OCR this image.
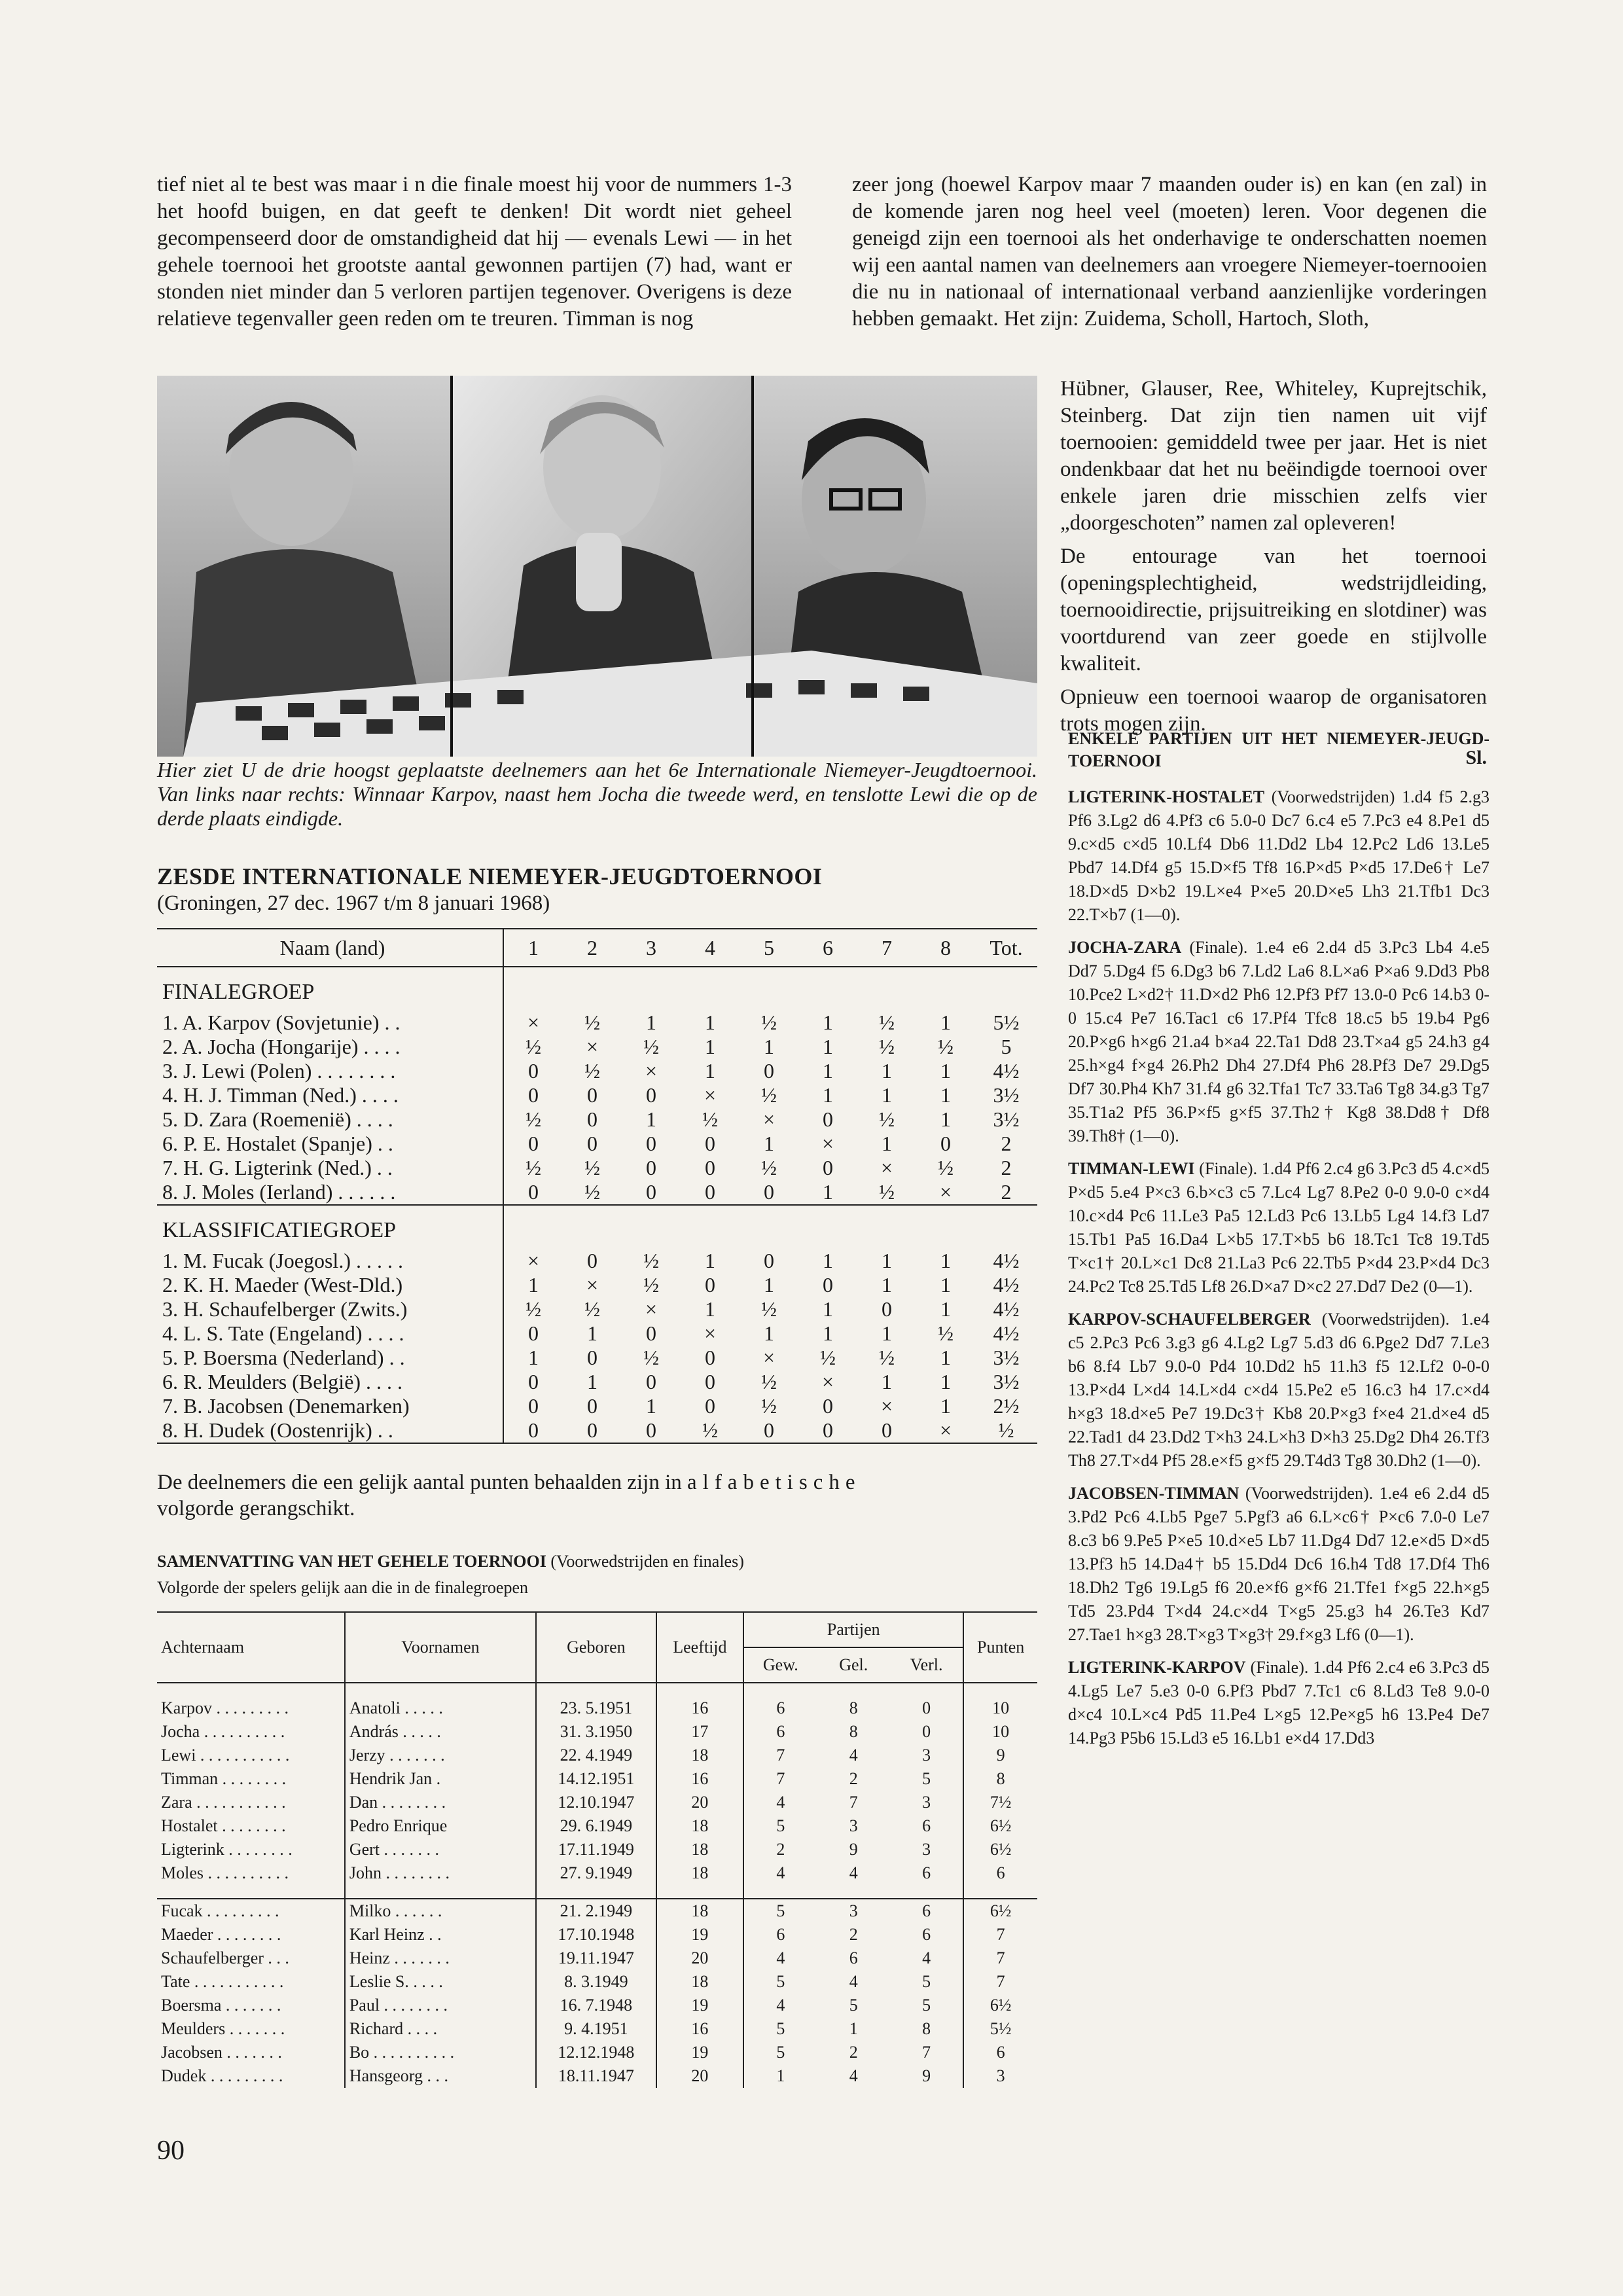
tief niet al te best was maar i n die finale moest hij voor de nummers 1-3 het hoofd buigen, en dat geeft te denken! Dit wordt niet geheel gecompenseerd door de omstandigheid dat hij — evenals Lewi — in het gehele toernooi het grootste aantal gewonnen partijen (7) had, want er stonden niet minder dan 5 verloren partijen tegenover. Overigens is deze relatieve tegenvaller geen reden om te treuren. Timman is nog

zeer jong (hoewel Karpov maar 7 maanden ouder is) en kan (en zal) in de komende jaren nog heel veel (moeten) leren. Voor degenen die geneigd zijn een toernooi als het onderhavige te onderschatten noemen wij een aantal namen van deelnemers aan vroegere Niemeyer-toernooien die nu in nationaal of internationaal verband aanzienlijke vorderingen hebben gemaakt. Het zijn: Zuidema, Scholl, Hartoch, Sloth,

Hübner, Glauser, Ree, Whiteley, Kuprejtschik, Steinberg. Dat zijn tien namen uit vijf toernooien: gemiddeld twee per jaar. Het is niet ondenkbaar dat het nu beëindigde toernooi over enkele jaren drie misschien zelfs vier „doorgeschoten” namen zal opleveren!

De entourage van het toernooi (openingsplechtigheid, wedstrijdleiding, toernooidirectie, prijsuitreiking en slotdiner) was voortdurend van zeer goede en stijlvolle kwaliteit.

Opnieuw een toernooi waarop de organisatoren trots mogen zijn.

Sl.
Hier ziet U de drie hoogst geplaatste deelnemers aan het 6e Internationale Niemeyer-Jeugdtoernooi. Van links naar rechts: Winnaar Karpov, naast hem Jocha die tweede werd, en tenslotte Lewi die op de derde plaats eindigde.
ZESDE INTERNATIONALE NIEMEYER-JEUGDTOERNOOI
(Groningen, 27 dec. 1967 t/m 8 januari 1968)
Naam (land)	1	2	3	4	5	6	7	8	Tot.
FINALEGROEP									
1. A. Karpov (Sovjetunie) . .	×	½	1	1	½	1	½	1	5½
2. A. Jocha (Hongarije) . . . .	½	×	½	1	1	1	½	½	5
3. J. Lewi (Polen) . . . . . . . .	0	½	×	1	0	1	1	1	4½
4. H. J. Timman (Ned.) . . . .	0	0	0	×	½	1	1	1	3½
5. D. Zara (Roemenië) . . . .	½	0	1	½	×	0	½	1	3½
6. P. E. Hostalet (Spanje) . .	0	0	0	0	1	×	1	0	2
7. H. G. Ligterink (Ned.) . .	½	½	0	0	½	0	×	½	2
8. J. Moles (Ierland) . . . . . .	0	½	0	0	0	1	½	×	2
KLASSIFICATIEGROEP									
1. M. Fucak (Joegosl.) . . . . .	×	0	½	1	0	1	1	1	4½
2. K. H. Maeder (West-Dld.)	1	×	½	0	1	0	1	1	4½
3. H. Schaufelberger (Zwits.)	½	½	×	1	½	1	0	1	4½
4. L. S. Tate (Engeland) . . . .	0	1	0	×	1	1	1	½	4½
5. P. Boersma (Nederland) . .	1	0	½	0	×	½	½	1	3½
6. R. Meulders (België) . . . .	0	1	0	0	½	×	1	1	3½
7. B. Jacobsen (Denemarken)	0	0	1	0	½	0	×	1	2½
8. H. Dudek (Oostenrijk) . .	0	0	0	½	0	0	0	×	½
De deelnemers die een gelijk aantal punten behaalden zijn in alfabetische
volgorde gerangschikt.
SAMENVATTING VAN HET GEHELE TOERNOOI (Voorwedstrijden en finales)
Volgorde der spelers gelijk aan die in de finalegroepen
Achternaam	Voornamen	Geboren	Leeftijd	Partijen			Punten
				Gew.	Gel.	Verl.	

Karpov . . . . . . . . .	Anatoli . . . . .	23. 5.1951	16	6	8	0	10
Jocha . . . . . . . . . .	András . . . . .	31. 3.1950	17	6	8	0	10
Lewi . . . . . . . . . . .	Jerzy . . . . . . .	22. 4.1949	18	7	4	3	9
Timman . . . . . . . .	Hendrik Jan .	14.12.1951	16	7	2	5	8
Zara . . . . . . . . . . .	Dan . . . . . . . .	12.10.1947	20	4	7	3	7½
Hostalet . . . . . . . .	Pedro Enrique	29. 6.1949	18	5	3	6	6½
Ligterink . . . . . . . .	Gert . . . . . . .	17.11.1949	18	2	9	3	6½
Moles . . . . . . . . . .	John . . . . . . . .	27. 9.1949	18	4	4	6	6

Fucak . . . . . . . . .	Milko . . . . . .	21. 2.1949	18	5	3	6	6½
Maeder . . . . . . . .	Karl Heinz . .	17.10.1948	19	6	2	6	7
Schaufelberger . . .	Heinz . . . . . . .	19.11.1947	20	4	6	4	7
Tate . . . . . . . . . . .	Leslie S. . . . .	8. 3.1949	18	5	4	5	7
Boersma . . . . . . .	Paul . . . . . . . .	16. 7.1948	19	4	5	5	6½
Meulders . . . . . . .	Richard . . . .	9. 4.1951	16	5	1	8	5½
Jacobsen . . . . . . .	Bo . . . . . . . . . .	12.12.1948	19	5	2	7	6
Dudek . . . . . . . . .	Hansgeorg . . .	18.11.1947	20	1	4	9	3
ENKELE PARTIJEN UIT HET NIEMEYER-JEUGD-TOERNOOI

LIGTERINK-HOSTALET (Voorwedstrijden) 1.d4 f5 2.g3 Pf6 3.Lg2 d6 4.Pf3 c6 5.0-0 Dc7 6.c4 e5 7.Pc3 e4 8.Pe1 d5 9.c×d5 c×d5 10.Lf4 Db6 11.Dd2 Lb4 12.Pc2 Ld6 13.Le5 Pbd7 14.Df4 g5 15.D×f5 Tf8 16.P×d5 P×d5 17.De6† Le7 18.D×d5 D×b2 19.L×e4 P×e5 20.D×e5 Lh3 21.Tfb1 Dc3 22.T×b7 (1—0).

JOCHA-ZARA (Finale). 1.e4 e6 2.d4 d5 3.Pc3 Lb4 4.e5 Dd7 5.Dg4 f5 6.Dg3 b6 7.Ld2 La6 8.L×a6 P×a6 9.Dd3 Pb8 10.Pce2 L×d2† 11.D×d2 Ph6 12.Pf3 Pf7 13.0-0 Pc6 14.b3 0-0 15.c4 Pe7 16.Tac1 c6 17.Pf4 Tfc8 18.c5 b5 19.b4 Pg6 20.P×g6 h×g6 21.a4 b×a4 22.Ta1 Dd8 23.T×a4 g5 24.h3 g4 25.h×g4 f×g4 26.Ph2 Dh4 27.Df4 Ph6 28.Pf3 De7 29.Dg5 Df7 30.Ph4 Kh7 31.f4 g6 32.Tfa1 Tc7 33.Ta6 Tg8 34.g3 Tg7 35.T1a2 Pf5 36.P×f5 g×f5 37.Th2† Kg8 38.Dd8† Df8 39.Th8† (1—0).

TIMMAN-LEWI (Finale). 1.d4 Pf6 2.c4 g6 3.Pc3 d5 4.c×d5 P×d5 5.e4 P×c3 6.b×c3 c5 7.Lc4 Lg7 8.Pe2 0-0 9.0-0 c×d4 10.c×d4 Pc6 11.Le3 Pa5 12.Ld3 Pc6 13.Lb5 Lg4 14.f3 Ld7 15.Tb1 Pa5 16.Da4 L×b5 17.T×b5 b6 18.Tc1 Tc8 19.Td5 T×c1† 20.L×c1 Dc8 21.La3 Pc6 22.Tb5 P×d4 23.P×d4 Dc3 24.Pc2 Tc8 25.Td5 Lf8 26.D×a7 D×c2 27.Dd7 De2 (0—1).

KARPOV-SCHAUFELBERGER (Voorwedstrijden). 1.e4 c5 2.Pc3 Pc6 3.g3 g6 4.Lg2 Lg7 5.d3 d6 6.Pge2 Dd7 7.Le3 b6 8.f4 Lb7 9.0-0 Pd4 10.Dd2 h5 11.h3 f5 12.Lf2 0-0-0 13.P×d4 L×d4 14.L×d4 c×d4 15.Pe2 e5 16.c3 h4 17.c×d4 h×g3 18.d×e5 Pe7 19.Dc3† Kb8 20.P×g3 f×e4 21.d×e4 d5 22.Tad1 d4 23.Dd2 T×h3 24.L×h3 D×h3 25.Dg2 Dh4 26.Tf3 Th8 27.T×d4 Pf5 28.e×f5 g×f5 29.T4d3 Tg8 30.Dh2 (1—0).

JACOBSEN-TIMMAN (Voorwedstrijden). 1.e4 e6 2.d4 d5 3.Pd2 Pc6 4.Lb5 Pge7 5.Pgf3 a6 6.L×c6† P×c6 7.0-0 Le7 8.c3 b6 9.Pe5 P×e5 10.d×e5 Lb7 11.Dg4 Dd7 12.e×d5 D×d5 13.Pf3 h5 14.Da4† b5 15.Dd4 Dc6 16.h4 Td8 17.Df4 Th6 18.Dh2 Tg6 19.Lg5 f6 20.e×f6 g×f6 21.Tfe1 f×g5 22.h×g5 Td5 23.Pd4 T×d4 24.c×d4 T×g5 25.g3 h4 26.Te3 Kd7 27.Tae1 h×g3 28.T×g3 T×g3† 29.f×g3 Lf6 (0—1).

LIGTERINK-KARPOV (Finale). 1.d4 Pf6 2.c4 e6 3.Pc3 d5 4.Lg5 Le7 5.e3 0-0 6.Pf3 Pbd7 7.Tc1 c6 8.Ld3 Te8 9.0-0 d×c4 10.L×c4 Pd5 11.Pe4 L×g5 12.Pe×g5 h6 13.Pe4 De7 14.Pg3 P5b6 15.Ld3 e5 16.Lb1 e×d4 17.Dd3

90
